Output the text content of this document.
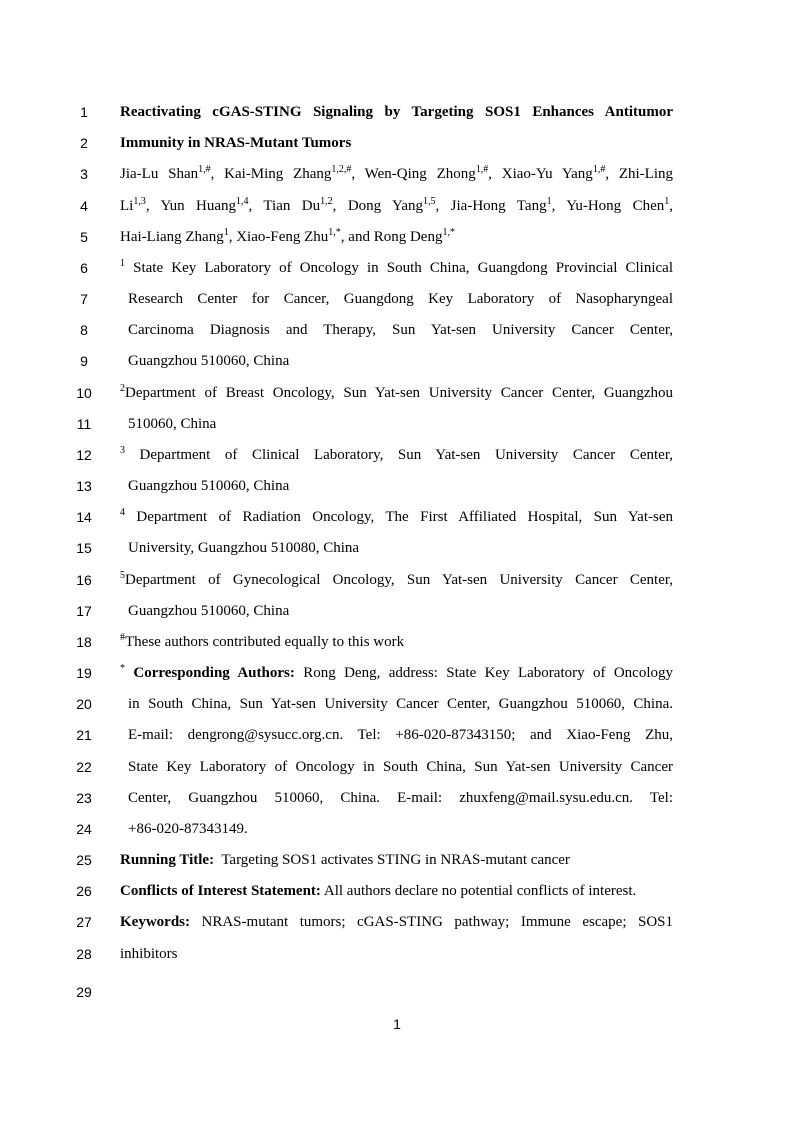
1
2
3
4
5
6
7
8
9
10
11
12
13
14
15
16
17
18
19
20
21
22
23
24
25
26
27
28
29
Reactivating cGAS-STING Signaling by Targeting SOS1 Enhances Antitumor
Immunity in NRAS-Mutant Tumors
Jia-Lu Shan$^{1,\#}$, Kai-Ming Zhang$^{1,2,\#}$, Wen-Qing Zhong$^{1,\#}$, Xiao-Yu Yang$^{1,\#}$, Zhi-Ling
Li$^{1,3}$, Yun Huang$^{1,4}$, Tian Du$^{1,2}$, Dong Yang$^{1,5}$, Jia-Hong Tang$^1$, Yu-Hong Chen$^1$,
Hai-Liang Zhang$^1$, Xiao-Feng Zhu$^{1,*}$, and Rong Deng$^{1,*}$
$^1$ State Key Laboratory of Oncology in South China, Guangdong Provincial Clinical
Research Center for Cancer, Guangdong Key Laboratory of Nasopharyngeal
Carcinoma Diagnosis and Therapy, Sun Yat-sen University Cancer Center,
Guangzhou 510060, China
$^2$Department of Breast Oncology, Sun Yat-sen University Cancer Center, Guangzhou
510060, China
$^3$ Department of Clinical Laboratory, Sun Yat-sen University Cancer Center,
Guangzhou 510060, China
$^4$ Department of Radiation Oncology, The First Affiliated Hospital, Sun Yat-sen
University, Guangzhou 510080, China
$^5$Department of Gynecological Oncology, Sun Yat-sen University Cancer Center,
Guangzhou 510060, China
#These authors contributed equally to this work
* Corresponding Authors: Rong Deng, address: State Key Laboratory of Oncology
in South China, Sun Yat-sen University Cancer Center, Guangzhou 510060, China.
E-mail: dengrong@sysucc.org.cn. Tel: +86-020-87343150; and Xiao-Feng Zhu,
State Key Laboratory of Oncology in South China, Sun Yat-sen University Cancer
Center, Guangzhou 510060, China. E-mail: zhuxfeng@mail.sysu.edu.cn. Tel:
+86-020-87343149.
Running Title: Targeting SOS1 activates STING in NRAS-mutant cancer
Conflicts of Interest Statement: All authors declare no potential conflicts of interest.
Keywords: NRAS-mutant tumors; cGAS-STING pathway; Immune escape; SOS1
inhibitors
1
